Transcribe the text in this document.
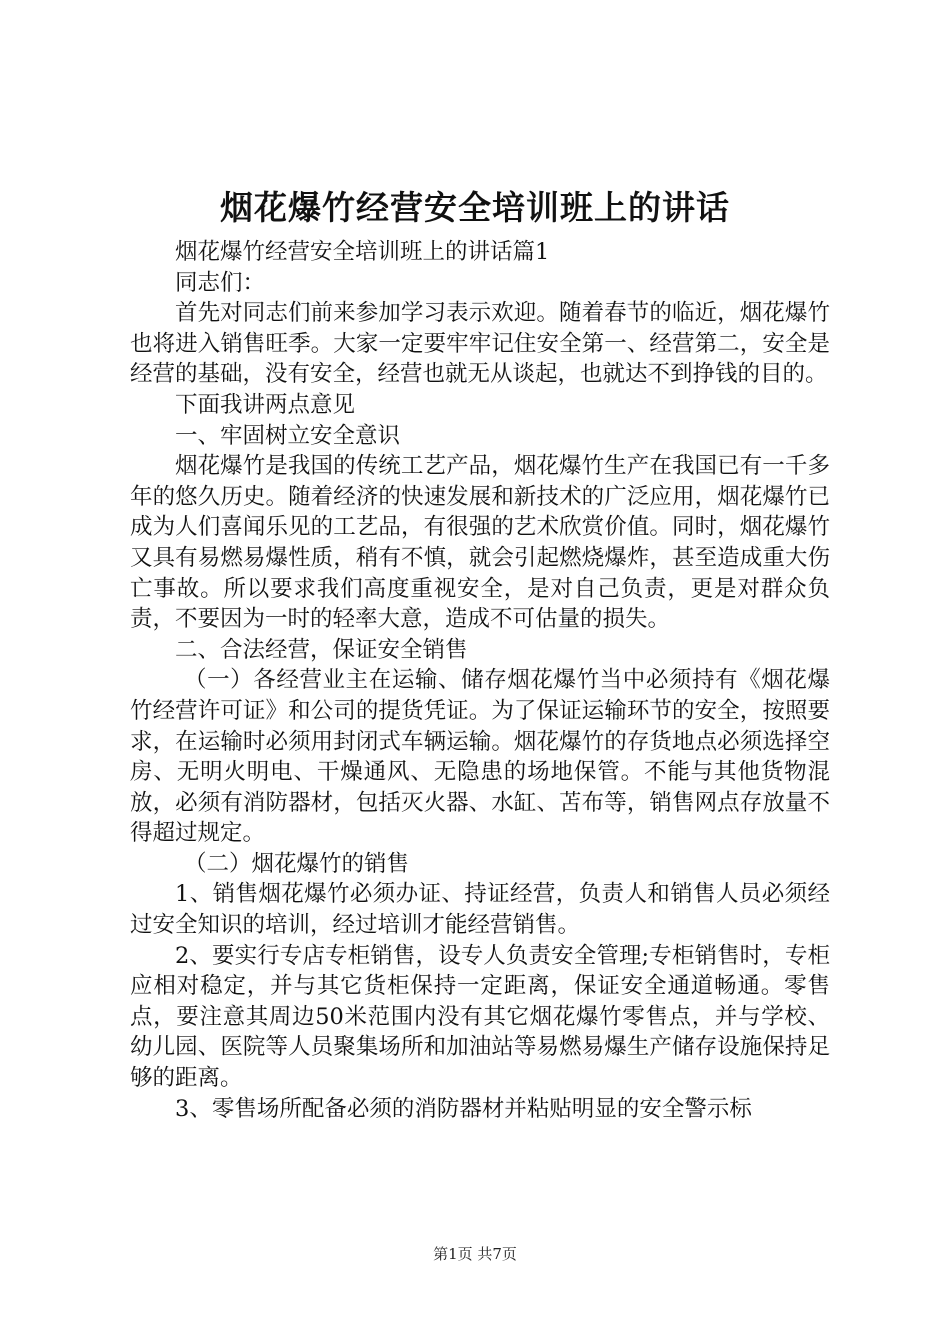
烟花爆竹经营安全培训班上的讲话

烟花爆竹经营安全培训班上的讲话篇1

同志们：

首先对同志们前来参加学习表示欢迎。随着春节的临近，烟花爆竹也将进入销售旺季。大家一定要牢牢记住安全第一、经营第二，安全是经营的基础，没有安全，经营也就无从谈起，也就达不到挣钱的目的。

下面我讲两点意见

一、牢固树立安全意识

烟花爆竹是我国的传统工艺产品，烟花爆竹生产在我国已有一千多年的悠久历史。随着经济的快速发展和新技术的广泛应用，烟花爆竹已成为人们喜闻乐见的工艺品，有很强的艺术欣赏价值。同时，烟花爆竹又具有易燃易爆性质，稍有不慎，就会引起燃烧爆炸，甚至造成重大伤亡事故。所以要求我们高度重视安全，是对自己负责，更是对群众负责，不要因为一时的轻率大意，造成不可估量的损失。

二、合法经营，保证安全销售

（一）各经营业主在运输、储存烟花爆竹当中必须持有《烟花爆竹经营许可证》和公司的提货凭证。为了保证运输环节的安全，按照要求，在运输时必须用封闭式车辆运输。烟花爆竹的存货地点必须选择空房、无明火明电、干燥通风、无隐患的场地保管。不能与其他货物混放，必须有消防器材，包括灭火器、水缸、苫布等，销售网点存放量不得超过规定。

（二）烟花爆竹的销售

1、销售烟花爆竹必须办证、持证经营，负责人和销售人员必须经过安全知识的培训，经过培训才能经营销售。

2、要实行专店专柜销售，设专人负责安全管理;专柜销售时，专柜应相对稳定，并与其它货柜保持一定距离，保证安全通道畅通。零售点，要注意其周边50米范围内没有其它烟花爆竹零售点，并与学校、幼儿园、医院等人员聚集场所和加油站等易燃易爆生产储存设施保持足够的距离。

3、零售场所配备必须的消防器材并粘贴明显的安全警示标

第1页 共7页
